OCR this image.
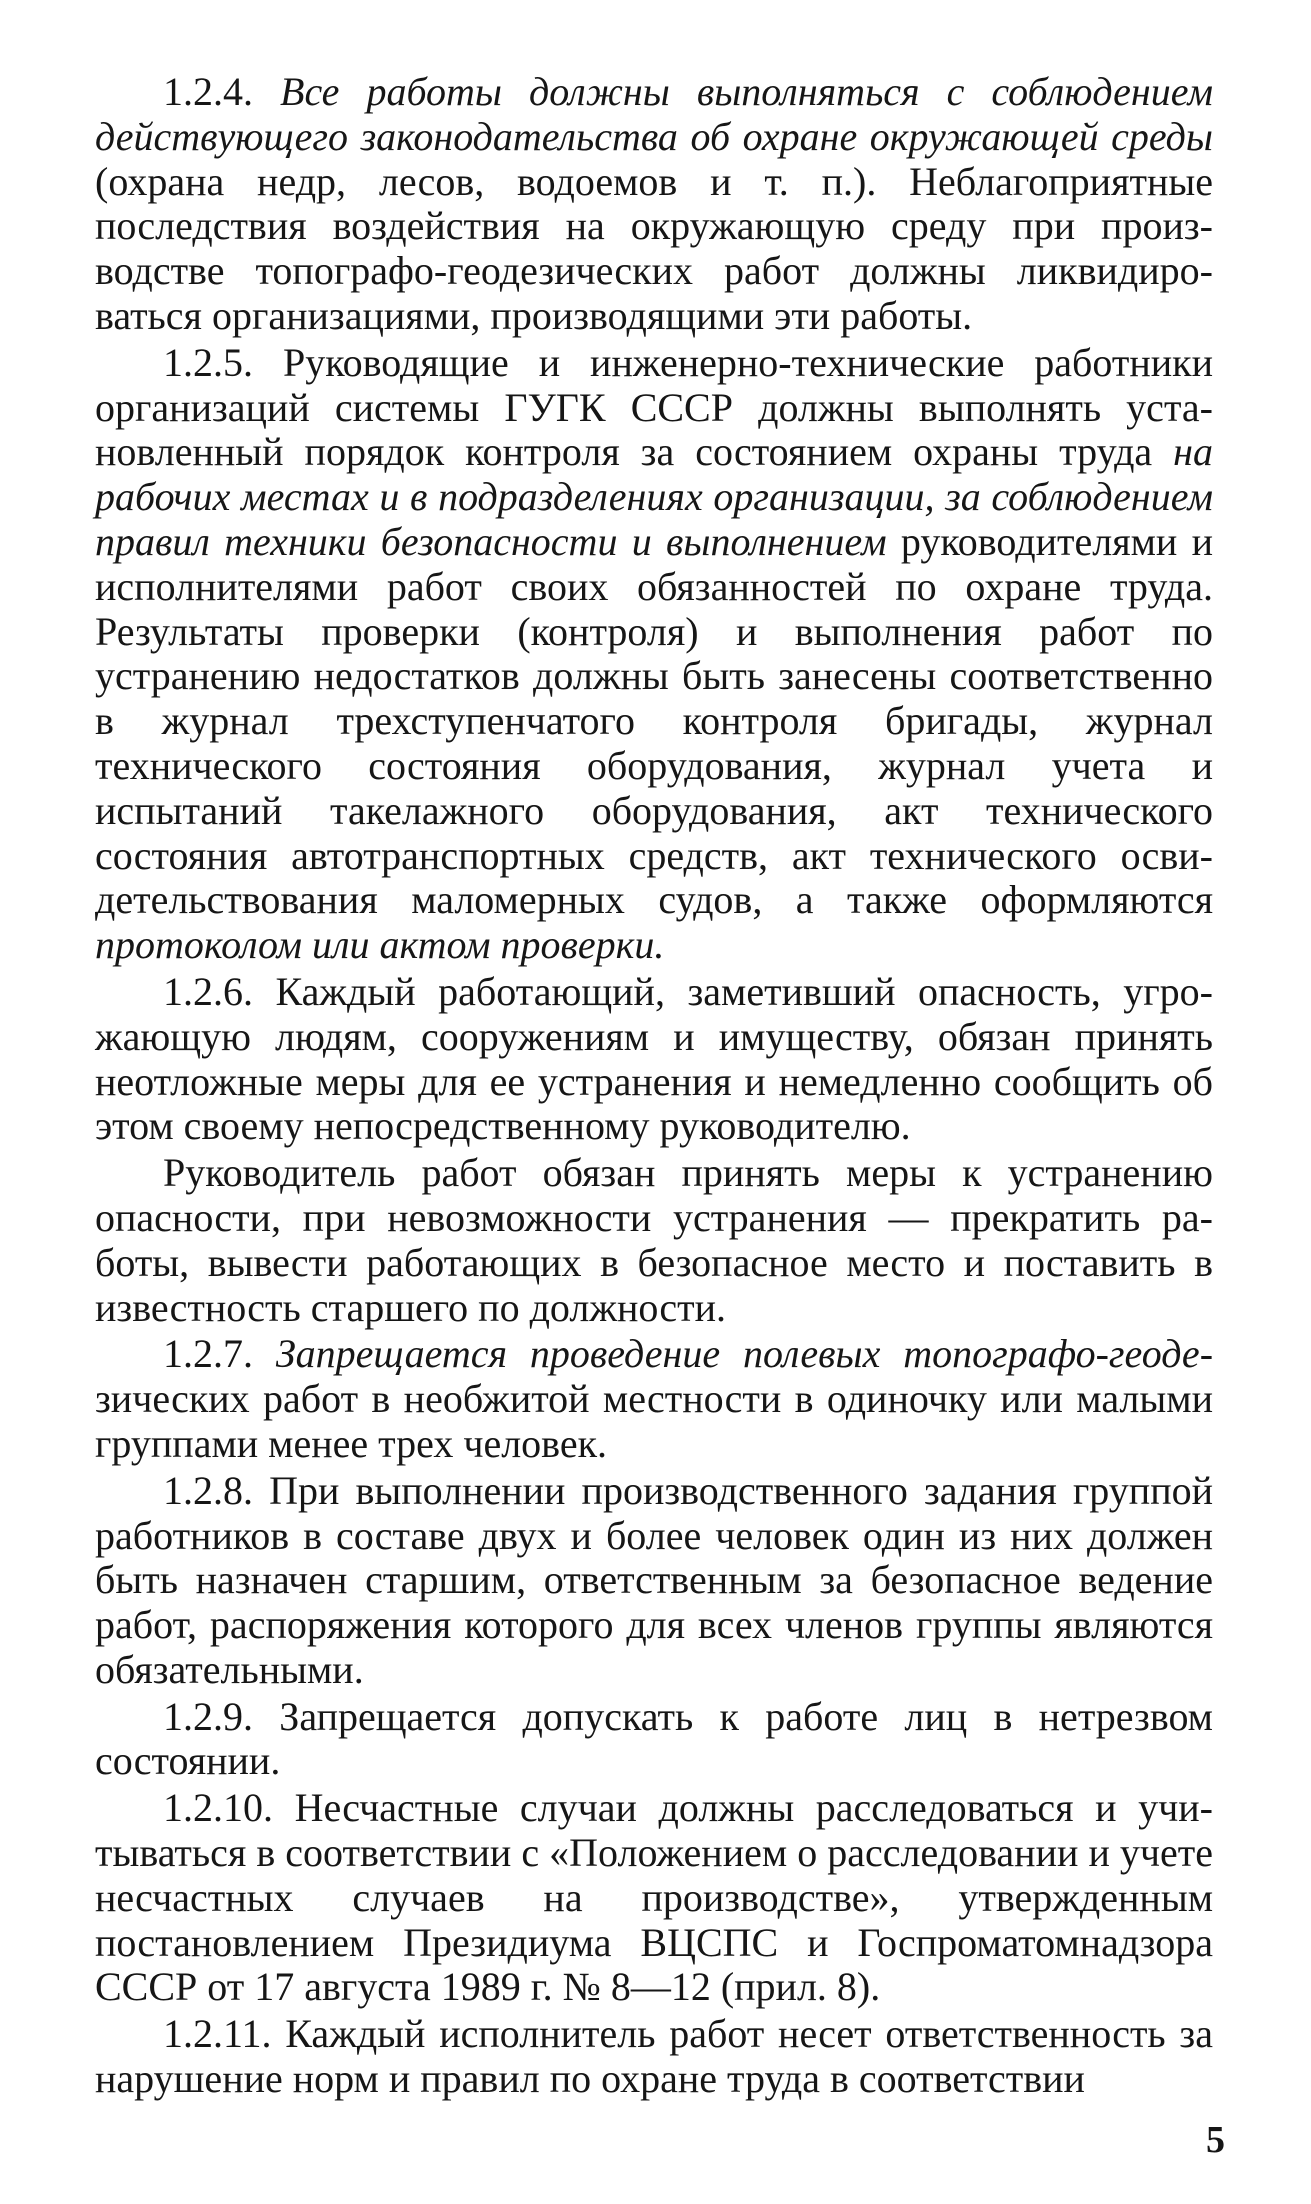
1.2.4. Все работы должны выполняться с соблюдением действующего законодательства об охране окружающей среды (охрана недр, лесов, водоемов и т. п.). Неблагоприятные последствия воздействия на окружающую среду при производстве топографо-геодезических работ должны ликвидироваться организациями, производящими эти работы.

1.2.5. Руководящие и инженерно-технические работники организаций системы ГУГК СССР должны выполнять установленный порядок контроля за состоянием охраны труда на рабочих местах и в подразделениях организации, за соблюдением правил техники безопасности и выполнением руководителями и исполнителями работ своих обязанностей по охране труда. Результаты проверки (контроля) и выполнения работ по устранению недостатков должны быть занесены соответственно в журнал трехступенчатого контроля бригады, журнал технического состояния оборудования, журнал учета и испытаний такелажного оборудования, акт технического состояния автотранспортных средств, акт технического освидетельствования маломерных судов, а также оформляются протоколом или актом проверки.

1.2.6. Каждый работающий, заметивший опасность, угрожающую людям, сооружениям и имуществу, обязан принять неотложные меры для ее устранения и немедленно сообщить об этом своему непосредственному руководителю.

Руководитель работ обязан принять меры к устранению опасности, при невозможности устранения — прекратить работы, вывести работающих в безопасное место и поставить в известность старшего по должности.

1.2.7. Запрещается проведение полевых топографо-геодезических работ в необжитой местности в одиночку или малыми группами менее трех человек.

1.2.8. При выполнении производственного задания группой работников в составе двух и более человек один из них должен быть назначен старшим, ответственным за безопасное ведение работ, распоряжения которого для всех членов группы являются обязательными.

1.2.9. Запрещается допускать к работе лиц в нетрезвом состоянии.

1.2.10. Несчастные случаи должны расследоваться и учитываться в соответствии с «Положением о расследовании и учете несчастных случаев на производстве», утвержденным постановлением Президиума ВЦСПС и Госпроматомнадзора СССР от 17 августа 1989 г. № 8—12 (прил. 8).

1.2.11. Каждый исполнитель работ несет ответственность за нарушение норм и правил по охране труда в соответствии

5
